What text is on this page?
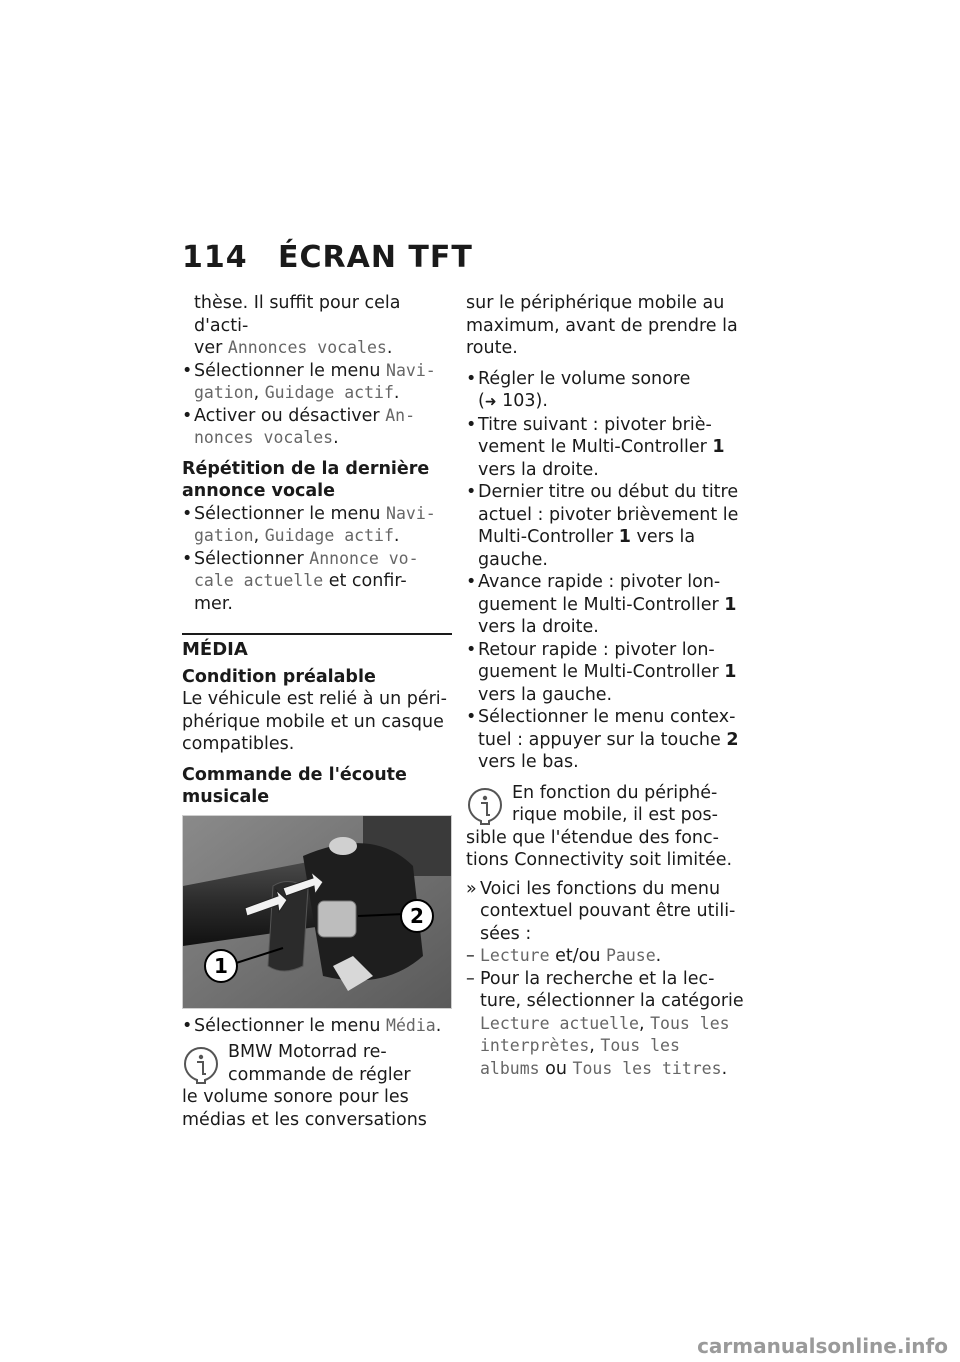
114 ÉCRAN TFT

thèse. Il suffit pour cela d'acti-
ver Annonces vocales.

• Sélectionner le menu Navi-
gation, Guidage actif.

• Activer ou désactiver An-
nonces vocales.

Répétition de la dernière annonce vocale

• Sélectionner le menu Navi-
gation, Guidage actif.

• Sélectionner Annonce vo-
cale actuelle et confir-
mer.

MÉDIA

Condition préalable

Le véhicule est relié à un péri-phérique mobile et un casque compatibles.

Commande de l'écoute musicale

1
2

• Sélectionner le menu Média.

BMW Motorrad re-

commande de régler

le volume sonore pour les

médias et les conversations

sur le périphérique mobile au maximum, avant de prendre la route.

• Régler le volume sonore
(➜ 103).

• Titre suivant : pivoter briè-vement le Multi-Controller 1 vers la droite.

• Dernier titre ou début du titre actuel : pivoter brièvement le Multi-Controller 1 vers la gauche.

• Avance rapide : pivoter lon-guement le Multi-Controller 1 vers la droite.

• Retour rapide : pivoter lon-guement le Multi-Controller 1 vers la gauche.

• Sélectionner le menu contex-tuel : appuyer sur la touche 2 vers le bas.

En fonction du périphé-

rique mobile, il est pos-

sible que l'étendue des fonc-tions Connectivity soit limitée.

» Voici les fonctions du menu contextuel pouvant être utili-sées :

– Lecture et/ou Pause.

– Pour la recherche et la lec-ture, sélectionner la catégorie Lecture actuelle, Tous les interprètes, Tous les albums ou Tous les titres.

carmanualsonline.info
